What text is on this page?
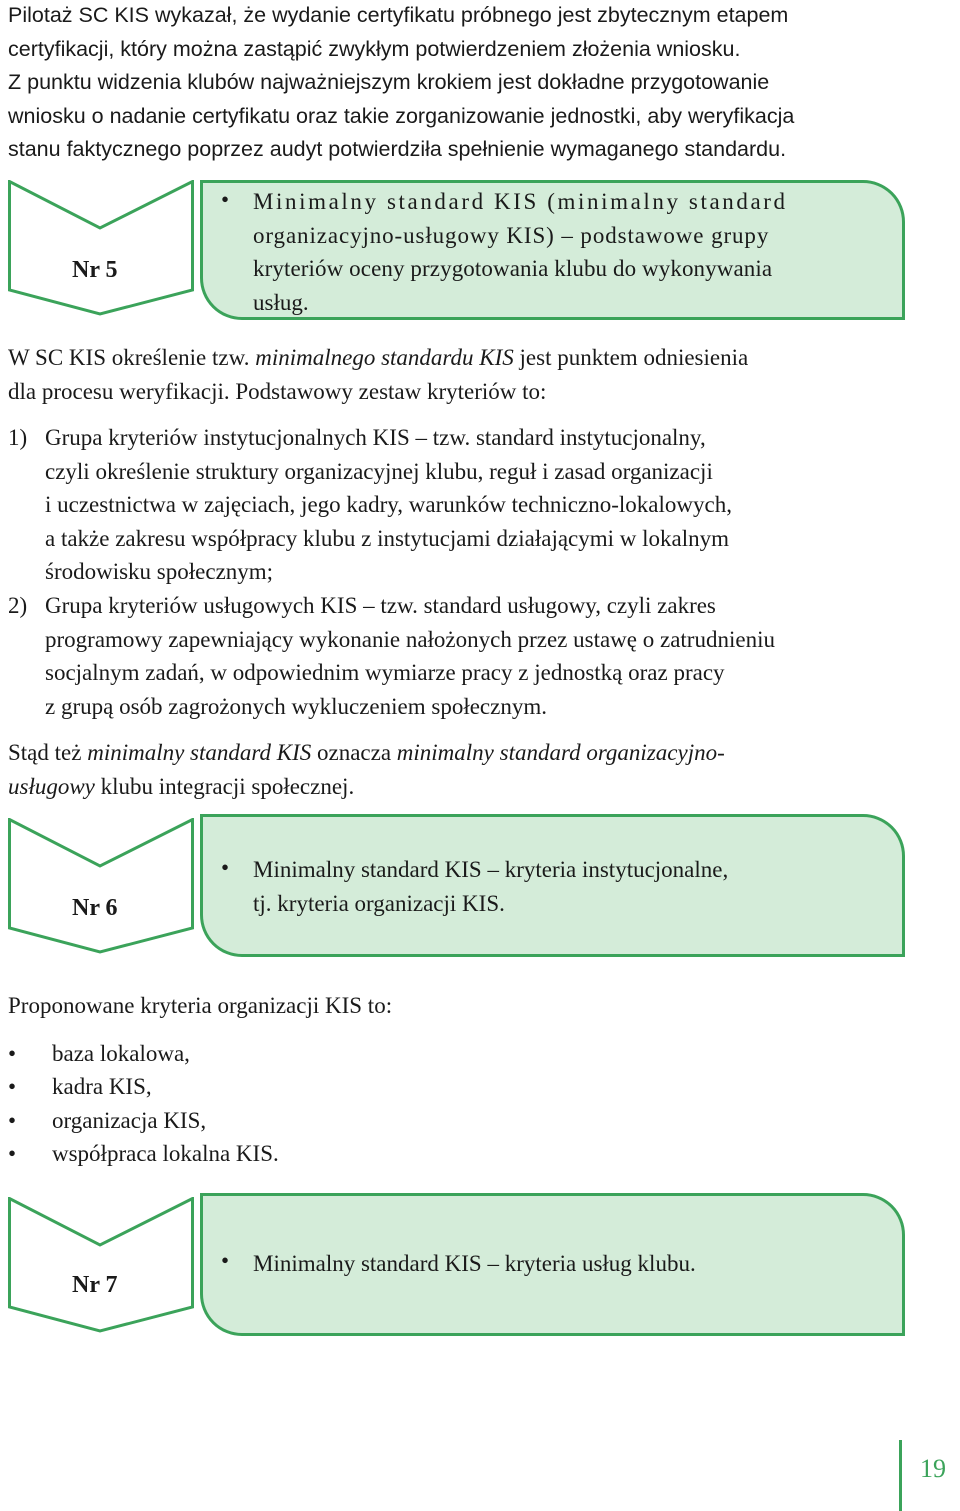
Pilotaż SC KIS wykazał, że wydanie certyfikatu próbnego jest zbytecznym etapem
certyfikacji, który można zastąpić zwykłym potwierdzeniem złożenia wniosku.
Z punktu widzenia klubów najważniejszym krokiem jest dokładne przygotowanie
wniosku o nadanie certyfikatu oraz takie zorganizowanie jednostki, aby weryfikacja
stanu faktycznego poprzez audyt potwierdziła spełnienie wymaganego standardu.
Nr 5
• Minimalny standard KIS (minimalny standard
organizacyjno-usługowy KIS) – podstawowe grupy
kryteriów oceny przygotowania klubu do wykonywania
usług.
W SC KIS określenie tzw. minimalnego standardu KIS jest punktem odniesienia
dla procesu weryfikacji. Podstawowy zestaw kryteriów to:
1) Grupa kryteriów instytucjonalnych KIS – tzw. standard instytucjonalny,
czyli określenie struktury organizacyjnej klubu, reguł i zasad organizacji
i uczestnictwa w zajęciach, jego kadry, warunków techniczno-lokalowych,
a także zakresu współpracy klubu z instytucjami działającymi w lokalnym
środowisku społecznym;
2) Grupa kryteriów usługowych KIS – tzw. standard usługowy, czyli zakres
programowy zapewniający wykonanie nałożonych przez ustawę o zatrudnieniu
socjalnym zadań, w odpowiednim wymiarze pracy z jednostką oraz pracy
z grupą osób zagrożonych wykluczeniem społecznym.
Stąd też minimalny standard KIS oznacza minimalny standard organizacyjno-
usługowy klubu integracji społecznej.
Nr 6
• Minimalny standard KIS – kryteria instytucjonalne,
tj. kryteria organizacji KIS.
Proponowane kryteria organizacji KIS to:
• baza lokalowa,
• kadra KIS,
• organizacja KIS,
• współpraca lokalna KIS.
Nr 7
• Minimalny standard KIS – kryteria usług klubu.
19
